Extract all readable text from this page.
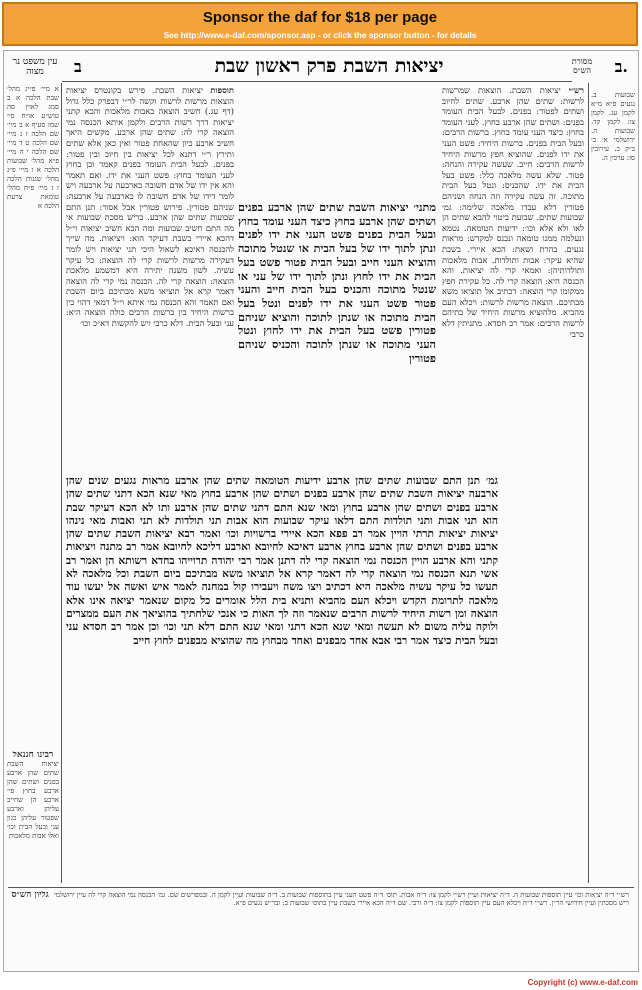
Sponsor the daf for $18 per page
See http://www.e-daf.com/sponsor.asp - or click the sponsor button - for details
עין משפט נר מצוה	ב	יציאות השבת פרק ראשון שבת	ב.
מסורת הש״ס

א מיי׳ פ״יג מהל׳ שבת הלכה א ב סמג לאוין סה טוש״ע או״ח סי׳ שמז סעיף א ב מיי׳ שם הלכה ז ג מיי׳ שם הלכה ט ד מיי׳ שם הלכה י ה מיי׳ פ״א מהל׳ שבועות הלכה א ו מיי׳ פ״ג מהל׳ שגגות הלכה ז ז מיי׳ פ״ח מהל׳ טומאת צרעת הלכה א

רבינו חננאל

יציאות השבת שתים שהן ארבע בפנים ושתים שהן ארבע בחוץ פי׳ ארבע הן שחייב עליהן וארבע שפטור עליהן כגון עני ובעל הבית וכו׳ ואלו אבות מלאכות

תוספות יציאות השבת. פירש בקונטרס יציאות הוצאות מרשות לרשות וקשה לר״י דבפרק כלל גדול (דף עג.) חשיב הוצאה באבות מלאכות והכא קתני יציאות דרך רשות הרבים ולקמן איתא הכנסה נמי הוצאה קרי לה: שתים שהן ארבע. מקשים היאך חשיב ארבע כיון שהאחת פטור ואין כאן אלא שתים ותירץ ר״י דתנא לכל יציאות בין חיוב ובין פטור: בפנים. לבעל הבית העומד בפנים קאמר וכן בחוץ לעני העומד בחוץ: פשט העני את ידו. ואם תאמר והא אין ידו של אדם חשובה כארבעה על ארבעה ויש לומר דידו של אדם חשובה לו כארבעה על ארבעה: שניהם פטורין. פירוש פטורין אבל אסור: תנן התם שבועות שתים שהן ארבע. בריש מסכת שבועות אי מה התם חשיב שבועות ומה הכא חשיב יציאות וי״ל דהכא איירי בשבת דעיקר הוא: ויציאות. מה שייך להכנסה דאיכא לשאול היכי תני יציאות ויש לומר דעקירה מרשות לרשות קרי לה הוצאה: כל עיקר עשיה. לשון משנה יתירה היא דמשמע מלאכת הוצאה: הוצאה קרי לה. הכנסה נמי קרי לה הוצאה דאמר קרא אל תוציאו משא מבתיכם ביום השבת ואם תאמר והא הכנסה נמי איתא וי״ל דמאי דהוי בין ברשות היחיד בין ברשות הרבים כולה הוצאה היא: עני ובעל הבית. דלא כרבי ויש להקשות דא״כ וכו׳

מתני׳ יציאות השבת שתים שהן ארבע בפנים ושתים שהן ארבע בחוץ כיצד העני עומד בחוץ ובעל הבית בפנים פשט העני את ידו לפנים ונתן לתוך ידו של בעל הבית או שנטל מתוכה והוציא העני חייב ובעל הבית פטור פשט בעל הבית את ידו לחוץ ונתן לתוך ידו של עני או שנטל מתוכה והכניס בעל הבית חייב והעני פטור פשט העני את ידו לפנים ונטל בעל הבית מתוכה או שנתן לתוכה והוציא שניהם פטורין פשט בעל הבית את ידו לחוץ ונטל העני מתוכה או שנתן לתוכה והכניס שניהם פטורין

גמ׳ תנן התם שבועות שתים שהן ארבע ידיעות הטומאה שתים שהן ארבע מראות נגעים שנים שהן ארבעה יציאות השבת שתים שהן ארבע בפנים ושתים שהן ארבע בחוץ מאי שנא הכא דתני שתים שהן ארבע בפנים ושתים שהן ארבע בחוץ ומאי שנא התם דתני שתים שהן ארבע ותו לא הכא דעיקר שבת הוא תני אבות ותני תולדות התם דלאו עיקר שבועות הוא אבות תני תולדות לא תני ואבות מאי נינהו יציאות יציאות תרתי הויין אמר רב פפא הכא איירי ברשויות וכו׳ ואמר רבא יציאות השבת שתים שהן ארבע בפנים ושתים שהן ארבע בחוץ ארבע דאיכא לחיובא וארבע דליכא לחיובא אמר רב מתנה ויציאות קתני והא ארבע הויין הכנסה נמי הוצאה קרי לה דתנן אמר רבי יהודה תרוייהו בחדא רשותא הן ואמר רב אשי תנא הכנסה נמי הוצאה קרי לה דאמר קרא אל תוציאו משא מבתיכם ביום השבת וכל מלאכה לא תעשו כל עיקר עשיה מלאכה היא דכתיב ויצו משה ויעבירו קול במחנה לאמר איש ואשה אל יעשו עוד מלאכה לתרומת הקדש ויכלא העם מהביא ותניא בית הלל אומרים כל מקום שנאמר יציאה אינו אלא הוצאה ומן רשות היחיד לרשות הרבים שנאמר וזה לך האות כי אנכי שלחתיך בהוציאך את העם ממצרים ולוקה עליה משום לא תעשה ומאי שנא הכא דתני ומאי שנא התם דלא תני וכו׳ וכן אמר רב חסדא עני ובעל הבית כיצד אמר רבי אבא אחד מבפנים ואחד מבחוץ מה שהוציא מבפנים לחוץ חייב

רש״י יציאות השבת. הוצאות שמרשות לרשות: שתים שהן ארבע. שתים לחיוב ושתים לפטור: בפנים. לבעל הבית העומד בפנים: ושתים שהן ארבע בחוץ. לעני העומד בחוץ: כיצד העני עומד בחוץ. ברשות הרבים: ובעל הבית בפנים. ברשות היחיד: פשט העני את ידו לפנים. שהוציא חפץ מרשות היחיד לרשות הרבים: חייב. שעשה עקירה והנחה: פטור. שלא עשה מלאכה כלל: פשט בעל הבית את ידו. שהכניס: ונטל בעל הבית מתוכה. זה עשה עקירה וזה הנחה ושניהם פטורין דלא עבדו מלאכה שלימה: גמ׳ שבועות שתים. שבועת ביטוי להבא שתים הן לאו ולא אלא וכו׳: ידיעות הטומאה. נטמא ונעלמה ממנו טומאה ונכנס למקדש: מראות נגעים. בהרת ושאת: הכא איירי. בשבת שהיא עיקר: אבות ותולדות. אבות מלאכות ותולדותיהן: ואמאי קרי לה יציאות. והא הכנסה היא: הוצאה קרי לה. כל עקירת חפץ ממקומו קרי הוצאה: דכתיב אל תוציאו משא מבתיכם. הוצאה מרשות לרשות: ויכלא העם מהביא. מלהוציא מרשות היחיד של בתיהם לרשות הרבים: אמר רב חסדא. מתניתין דלא כרבי

שבועות ב. נגעים פ״א מ״א לקמן עג. לקמן צו: לקמן קד. שבועות ה. ירושלמי א׳ ב׳ ב״ק ב. עירובין סז: ערכין ה.

רש״י ד״ה יציאות וכו׳ עיין תוספות שבועות ה. ד״ה יציאות ועיין רש״י לקמן צו: ד״ה אבות. תוס׳ ד״ה פשט העני עיין בתוספות שבועות ב. ד״ה שבועות ועיין לקמן ה. ובמפרשים שם. גמ׳ הכנסה נמי הוצאה קרי לה עיין ירושלמי ריש מסכתין ועיין חידושי הר״ן. רש״י ד״ה ויכלא העם עיין תוספות לקמן צו: ד״ה ורבי. שם ד״ה הכא איירי בשבת עיין בתוס׳ שבועות ב: ובר״ש נגעים פ״א.
גליון הש״ס
Copyright (c) www.e-daf.com
